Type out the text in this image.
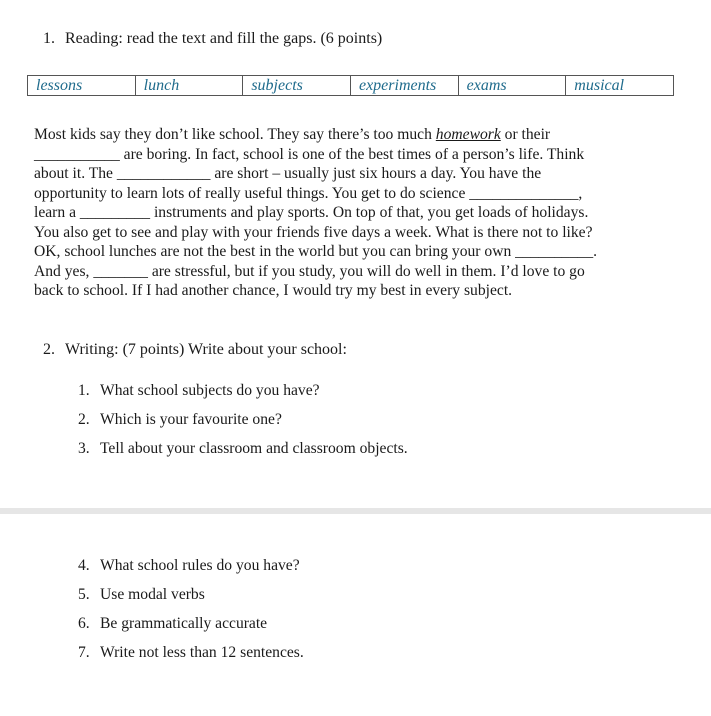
1. Reading: read the text and fill the gaps. (6 points)
lessons	lunch	subjects	experiments	exams	musical
Most kids say they don’t like school. They say there’s too much homework or their
___________ are boring. In fact, school is one of the best times of a person’s life. Think
about it. The ____________ are short – usually just six hours a day. You have the
opportunity to learn lots of really useful things. You get to do science ______________,
learn a _________ instruments and play sports. On top of that, you get loads of holidays.
You also get to see and play with your friends five days a week. What is there not to like?
OK, school lunches are not the best in the world but you can bring your own __________.
And yes, _______ are stressful, but if you study, you will do well in them. I’d love to go
back to school. If I had another chance, I would try my best in every subject.
2. Writing: (7 points) Write about your school:
1. What school subjects do you have?
2. Which is your favourite one?
3. Tell about your classroom and classroom objects.
4. What school rules do you have?
5. Use modal verbs
6. Be grammatically accurate
7. Write not less than 12 sentences.
